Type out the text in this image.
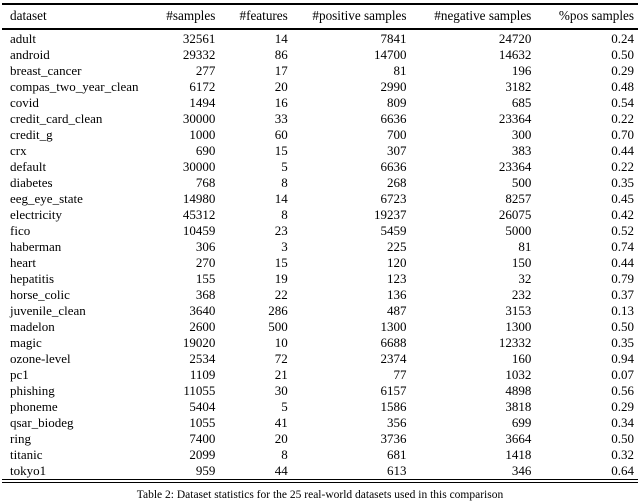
dataset	#samples	#features	#positive samples	#negative samples	%pos samples
adult	32561	14	7841	24720	0.24
android	29332	86	14700	14632	0.50
breast_cancer	277	17	81	196	0.29
compas_two_year_clean	6172	20	2990	3182	0.48
covid	1494	16	809	685	0.54
credit_card_clean	30000	33	6636	23364	0.22
credit_g	1000	60	700	300	0.70
crx	690	15	307	383	0.44
default	30000	5	6636	23364	0.22
diabetes	768	8	268	500	0.35
eeg_eye_state	14980	14	6723	8257	0.45
electricity	45312	8	19237	26075	0.42
fico	10459	23	5459	5000	0.52
haberman	306	3	225	81	0.74
heart	270	15	120	150	0.44
hepatitis	155	19	123	32	0.79
horse_colic	368	22	136	232	0.37
juvenile_clean	3640	286	487	3153	0.13
madelon	2600	500	1300	1300	0.50
magic	19020	10	6688	12332	0.35
ozone-level	2534	72	2374	160	0.94
pc1	1109	21	77	1032	0.07
phishing	11055	30	6157	4898	0.56
phoneme	5404	5	1586	3818	0.29
qsar_biodeg	1055	41	356	699	0.34
ring	7400	20	3736	3664	0.50
titanic	2099	8	681	1418	0.32
tokyo1	959	44	613	346	0.64
Table 2: Dataset statistics for the 25 real-world datasets used in this comparison
